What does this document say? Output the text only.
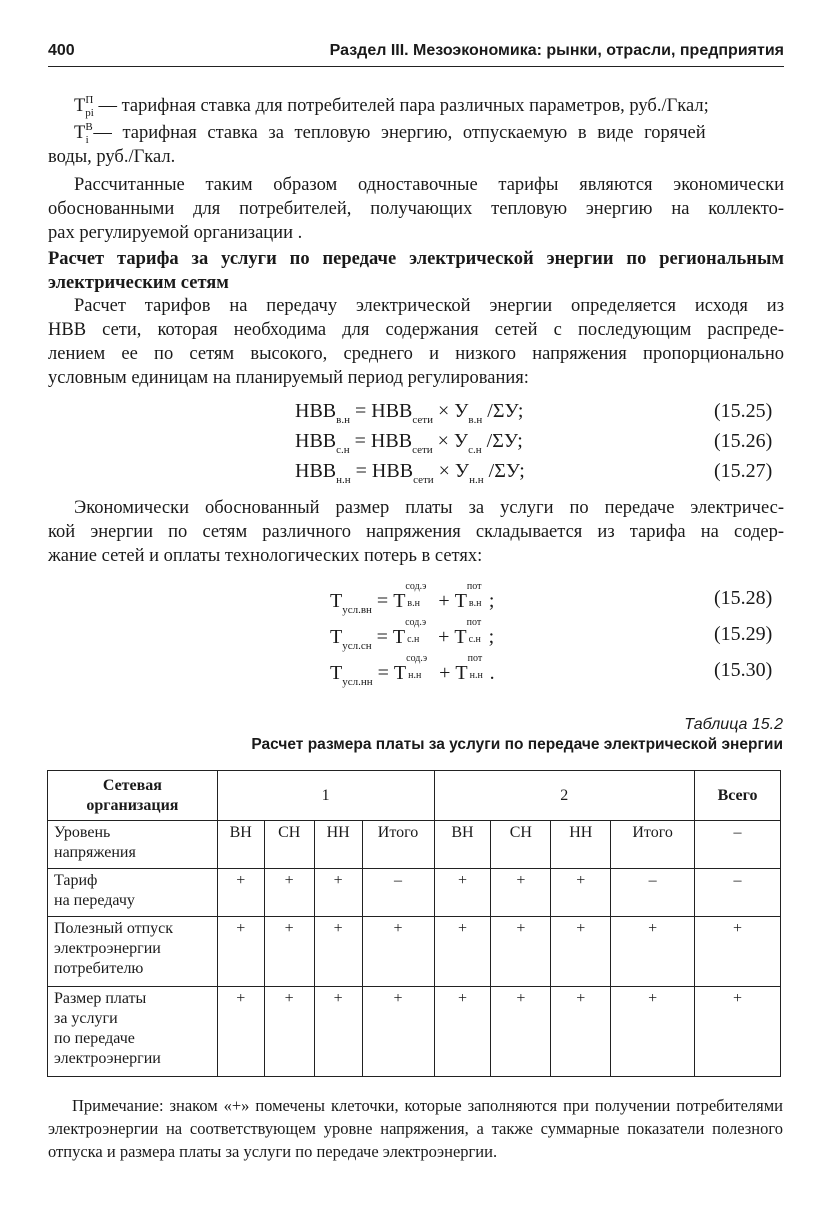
400	Раздел III. Мезоэкономика: рынки, отрасли, предприятия
$T^П_{pi}$ — тарифная ставка для потребителей пара различных параметров, руб./Гкал;
$T^B_i$ — тарифная ставка за тепловую энергию, отпускаемую в виде горячей
воды, руб./Гкал.
Рассчитанные таким образом одноставочные тарифы являются экономически
обоснованными для потребителей, получающих тепловую энергию на коллекто-
рах регулируемой организации .
Расчет тарифа за услуги по передаче электрической энергии по региональным
электрическим сетям
Расчет тарифов на передачу электрической энергии определяется исходя из
НВВ сети, которая необходима для содержания сетей с последующим распреде-
лением ее по сетям высокого, среднего и низкого напряжения пропорционально
условным единицам на планируемый период регулирования:
$НВВ_{в.н} = НВВ_{сети} \times У_{в.н}$ /ΣУ;	(15.25)
$НВВ_{с.н} = НВВ_{сети} \times У_{с.н}$ /ΣУ;	(15.26)
$НВВ_{н.н} = НВВ_{сети} \times У_{н.н}$ /ΣУ;	(15.27)
Экономически обоснованный размер платы за услуги по передаче электричес-
кой энергии по сетям различного напряжения складывается из тарифа на содер-
жание сетей и оплаты технологических потерь в сетях:
$Т_{усл.вн} = Т$
сод.э
в.н + Т
пот
в.н ;	(15.28)
$Т_{усл.сн} = Т$
сод.э
с.н + Т
пот
с.н ;	(15.29)
$Т_{усл.нн} = Т$
сод.э
н.н + Т
пот
н.н .	(15.30)
Таблица 15.2
Расчет размера платы за услуги по передаче электрической энергии
Сетевая
организация	1				2				Всего
Уровень
напряжения	ВН	СН	НН	Итого	ВН	СН	НН	Итого	–
Тариф
на передачу	+	+	+	–	+	+	+	–	–
Полезный отпуск
электроэнергии
потребителю	+	+	+	+	+	+	+	+	+
Размер платы
за услуги
по передаче
электроэнергии	+	+	+	+	+	+	+	+	+

Примечание: знаком «+» помечены клеточки, которые заполняются при получении потребителями электроэнергии на соответствующем уровне напряжения, а также суммарные показатели полезного отпуска и размера платы за услуги по передаче электроэнергии.
